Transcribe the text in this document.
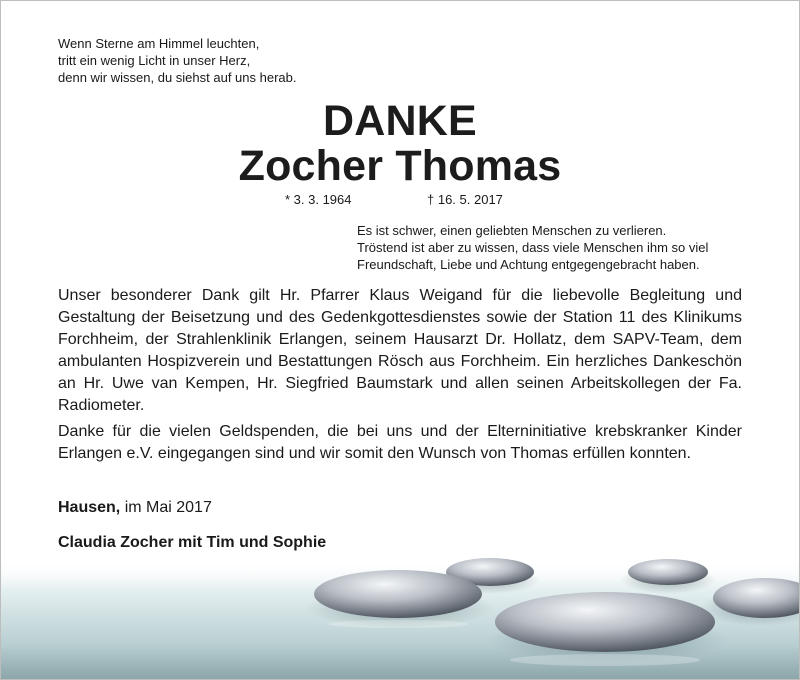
Wenn Sterne am Himmel leuchten,
tritt ein wenig Licht in unser Herz,
denn wir wissen, du siehst auf uns herab.

DANKE
Zocher Thomas
* 3. 3. 1964	† 16. 5. 2017

Es ist schwer, einen geliebten Menschen zu verlieren.
Tröstend ist aber zu wissen, dass viele Menschen ihm so viel
Freundschaft, Liebe und Achtung entgegengebracht haben.

Unser besonderer Dank gilt Hr. Pfarrer Klaus Weigand für die liebevolle Begleitung und Gestaltung der Beisetzung und des Gedenkgottesdienstes sowie der Station 11 des Klinikums Forchheim, der Strahlenklinik Erlangen, seinem Hausarzt Dr. Hollatz, dem SAPV-Team, dem ambulanten Hospizverein und Bestattungen Rösch aus Forchheim. Ein herzliches Dankeschön an Hr. Uwe van Kempen, Hr. Siegfried Baumstark und allen seinen Arbeitskollegen der Fa. Radiometer.

Danke für die vielen Geldspenden, die bei uns und der Elterninitiative krebskranker Kinder Erlangen e.V. eingegangen sind und wir somit den Wunsch von Thomas erfüllen konnten.

Hausen, im Mai 2017
Claudia Zocher mit Tim und Sophie
